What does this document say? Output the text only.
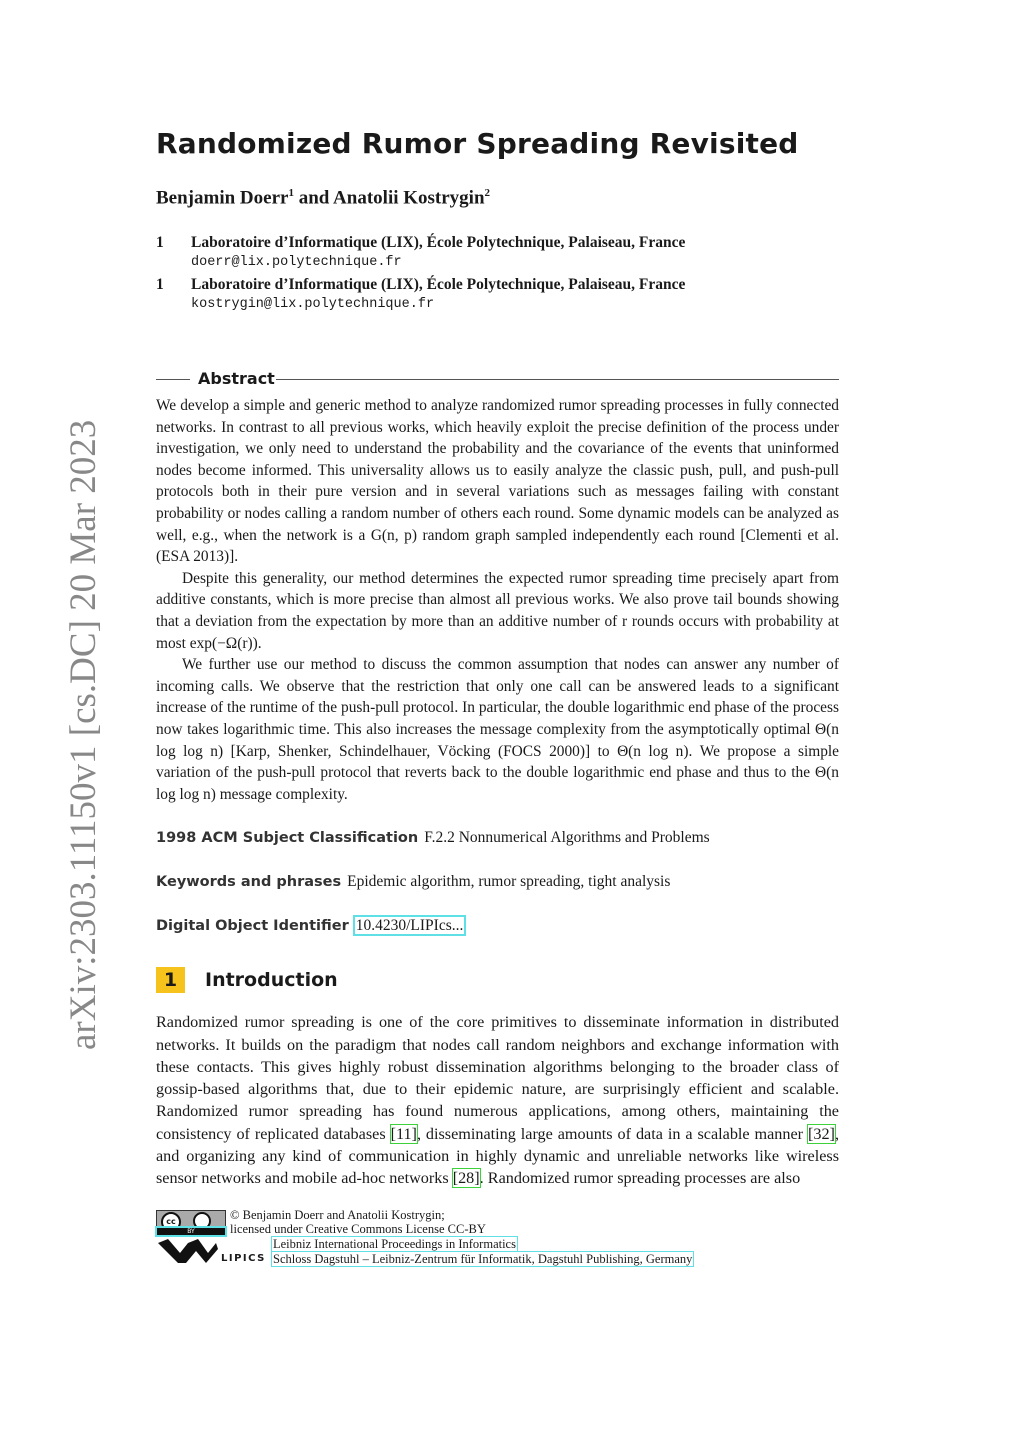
arXiv:2303.11150v1 [cs.DC] 20 Mar 2023
Randomized Rumor Spreading Revisited
Benjamin Doerr$^1$ and Anatolii Kostrygin$^2$
1 Laboratoire d’Informatique (LIX), École Polytechnique, Palaiseau, France
doerr@lix.polytechnique.fr
1 Laboratoire d’Informatique (LIX), École Polytechnique, Palaiseau, France
kostrygin@lix.polytechnique.fr
Abstract

We develop a simple and generic method to analyze randomized rumor spreading processes in fully connected networks. In contrast to all previous works, which heavily exploit the precise definition of the process under investigation, we only need to understand the probability and the covariance of the events that uninformed nodes become informed. This universality allows us to easily analyze the classic push, pull, and push-pull protocols both in their pure version and in several variations such as messages failing with constant probability or nodes calling a random number of others each round. Some dynamic models can be analyzed as well, e.g., when the network is a G(n, p) random graph sampled independently each round [Clementi et al. (ESA 2013)].

Despite this generality, our method determines the expected rumor spreading time precisely apart from additive constants, which is more precise than almost all previous works. We also prove tail bounds showing that a deviation from the expectation by more than an additive number of r rounds occurs with probability at most exp(−Ω(r)).

We further use our method to discuss the common assumption that nodes can answer any number of incoming calls. We observe that the restriction that only one call can be answered leads to a significant increase of the runtime of the push-pull protocol. In particular, the double logarithmic end phase of the process now takes logarithmic time. This also increases the message complexity from the asymptotically optimal Θ(n log log n) [Karp, Shenker, Schindelhauer, Vöcking (FOCS 2000)] to Θ(n log n). We propose a simple variation of the push-pull protocol that reverts back to the double logarithmic end phase and thus to the Θ(n log log n) message complexity.

1998 ACM Subject Classification F.2.2 Nonnumerical Algorithms and Problems
Keywords and phrases Epidemic algorithm, rumor spreading, tight analysis
Digital Object Identifier 10.4230/LIPIcs...
1 Introduction
Randomized rumor spreading is one of the core primitives to disseminate information in distributed networks. It builds on the paradigm that nodes call random neighbors and exchange information with these contacts. This gives highly robust dissemination algorithms belonging to the broader class of gossip-based algorithms that, due to their epidemic nature, are surprisingly efficient and scalable. Randomized rumor spreading has found numerous applications, among others, maintaining the consistency of replicated databases [11], disseminating large amounts of data in a scalable manner [32], and organizing any kind of communication in highly dynamic and unreliable networks like wireless sensor networks and mobile ad-hoc networks [28]. Randomized rumor spreading processes are also
cc
BY
© Benjamin Doerr and Anatolii Kostrygin;
licensed under Creative Commons License CC-BY
LIPICS
Leibniz International Proceedings in Informatics
Schloss Dagstuhl – Leibniz-Zentrum für Informatik, Dagstuhl Publishing, Germany
